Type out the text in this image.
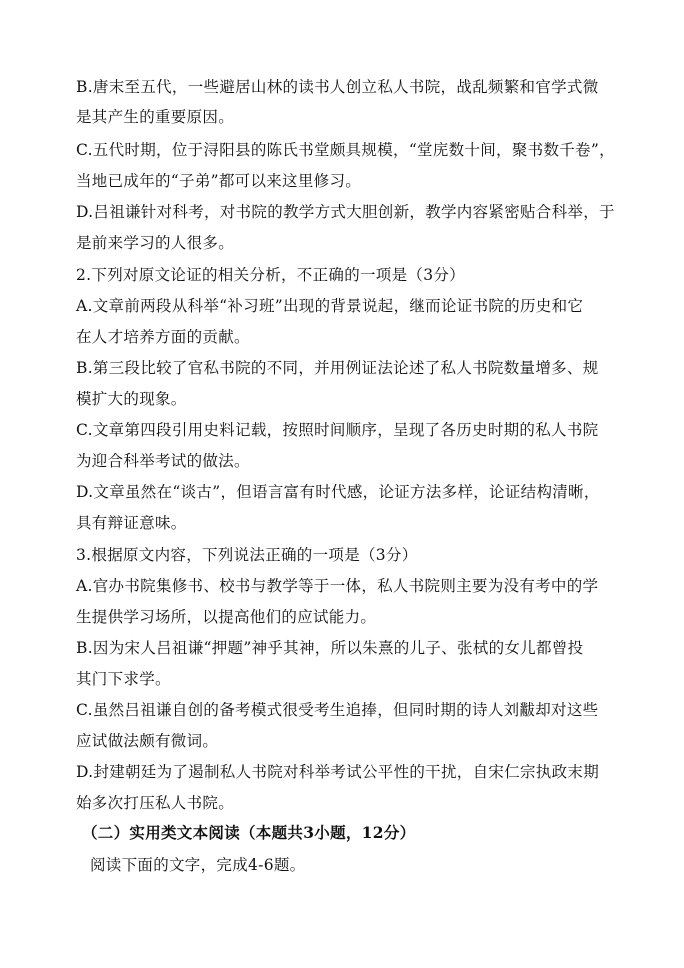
B.唐末至五代，一些避居山林的读书人创立私人书院，战乱频繁和官学式微
是其产生的重要原因。
C.五代时期，位于浔阳县的陈氏书堂颇具规模，“堂庑数十间，聚书数千卷”，
当地已成年的“子弟”都可以来这里修习。
D.吕祖谦针对科考，对书院的教学方式大胆创新，教学内容紧密贴合科举，于
是前来学习的人很多。
2.下列对原文论证的相关分析，不正确的一项是（3分）
A.文章前两段从科举“补习班”出现的背景说起，继而论证书院的历史和它
在人才培养方面的贡献。
B.第三段比较了官私书院的不同，并用例证法论述了私人书院数量增多、规
模扩大的现象。
C.文章第四段引用史料记载，按照时间顺序，呈现了各历史时期的私人书院
为迎合科举考试的做法。
D.文章虽然在“谈古”，但语言富有时代感，论证方法多样，论证结构清晰，
具有辩证意味。
3.根据原文内容，下列说法正确的一项是（3分）
A.官办书院集修书、校书与教学等于一体，私人书院则主要为没有考中的学
生提供学习场所，以提高他们的应试能力。
B.因为宋人吕祖谦“押题”神乎其神，所以朱熹的儿子、张栻的女儿都曾投
其门下求学。
C.虽然吕祖谦自创的备考模式很受考生追捧，但同时期的诗人刘黻却对这些
应试做法颇有微词。
D.封建朝廷为了遏制私人书院对科举考试公平性的干扰，自宋仁宗执政末期
始多次打压私人书院。
（二）实用类文本阅读（本题共3小题，12分）
阅读下面的文字，完成4-6题。
